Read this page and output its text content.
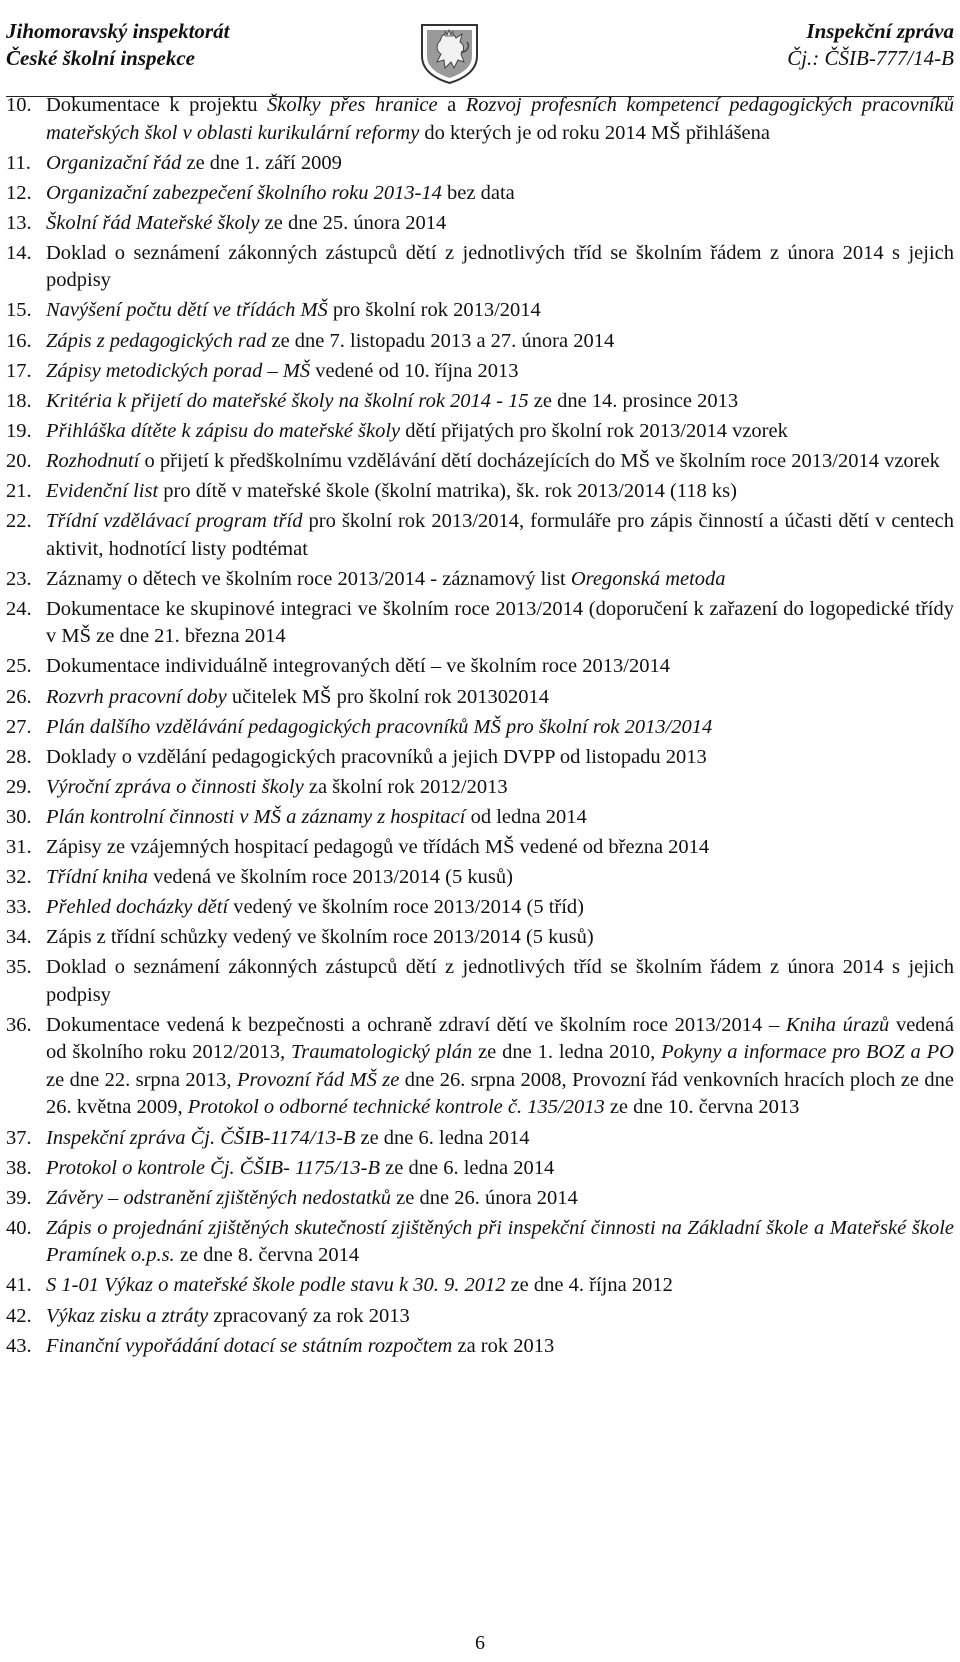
Jihomoravský inspektorát
České školní inspekce
Inspekční zpráva
Čj.: ČŠIB-777/14-B
10. Dokumentace k projektu Školky přes hranice a Rozvoj profesních kompetencí pedagogických pracovníků mateřských škol v oblasti kurikulární reformy do kterých je od roku 2014 MŠ přihlášena
11. Organizační řád ze dne 1. září 2009
12. Organizační zabezpečení školního roku 2013-14 bez data
13. Školní řád Mateřské školy ze dne 25. února 2014
14. Doklad o seznámení zákonných zástupců dětí z jednotlivých tříd se školním řádem z února 2014 s jejich podpisy
15. Navýšení počtu dětí ve třídách MŠ pro školní rok 2013/2014
16. Zápis z pedagogických rad ze dne 7. listopadu 2013 a 27. února 2014
17. Zápisy metodických porad – MŠ vedené od 10. října 2013
18. Kritéria k přijetí do mateřské školy na školní rok 2014 - 15 ze dne 14. prosince 2013
19. Přihláška dítěte k zápisu do mateřské školy dětí přijatých pro školní rok 2013/2014 vzorek
20. Rozhodnutí o přijetí k předškolnímu vzdělávání dětí docházejících do MŠ ve školním roce 2013/2014 vzorek
21. Evidenční list pro dítě v mateřské škole (školní matrika), šk. rok 2013/2014 (118 ks)
22. Třídní vzdělávací program tříd pro školní rok 2013/2014, formuláře pro zápis činností a účasti dětí v centech aktivit, hodnotící listy podtémat
23. Záznamy o dětech ve školním roce 2013/2014 - záznamový list Oregonská metoda
24. Dokumentace ke skupinové integraci ve školním roce 2013/2014 (doporučení k zařazení do logopedické třídy v MŠ ze dne 21. března 2014
25. Dokumentace individuálně integrovaných dětí – ve školním roce 2013/2014
26. Rozvrh pracovní doby učitelek MŠ pro školní rok 201302014
27. Plán dalšího vzdělávání pedagogických pracovníků MŠ pro školní rok 2013/2014
28. Doklady o vzdělání pedagogických pracovníků a jejich DVPP od listopadu 2013
29. Výroční zpráva o činnosti školy za školní rok 2012/2013
30. Plán kontrolní činnosti v MŠ a záznamy z hospitací od ledna 2014
31. Zápisy ze vzájemných hospitací pedagogů ve třídách MŠ vedené od března 2014
32. Třídní kniha vedená ve školním roce 2013/2014 (5 kusů)
33. Přehled docházky dětí vedený ve školním roce 2013/2014 (5 tříd)
34. Zápis z třídní schůzky vedený ve školním roce 2013/2014 (5 kusů)
35. Doklad o seznámení zákonných zástupců dětí z jednotlivých tříd se školním řádem z února 2014 s jejich podpisy
36. Dokumentace vedená k bezpečnosti a ochraně zdraví dětí ve školním roce 2013/2014 – Kniha úrazů vedená od školního roku 2012/2013, Traumatologický plán ze dne 1. ledna 2010, Pokyny a informace pro BOZ a PO ze dne 22. srpna 2013, Provozní řád MŠ ze dne 26. srpna 2008, Provozní řád venkovních hracích ploch ze dne 26. května 2009, Protokol o odborné technické kontrole č. 135/2013 ze dne 10. června 2013
37. Inspekční zpráva Čj. ČŠIB-1174/13-B ze dne 6. ledna 2014
38. Protokol o kontrole Čj. ČŠIB- 1175/13-B ze dne 6. ledna 2014
39. Závěry – odstranění zjištěných nedostatků ze dne 26. února 2014
40. Zápis o projednání zjištěných skutečností zjištěných při inspekční činnosti na Základní škole a Mateřské škole Pramínek o.p.s. ze dne 8. června 2014
41. S 1-01 Výkaz o mateřské škole podle stavu k 30. 9. 2012 ze dne 4. října 2012
42. Výkaz zisku a ztráty zpracovaný za rok 2013
43. Finanční vypořádání dotací se státním rozpočtem za rok 2013
6
